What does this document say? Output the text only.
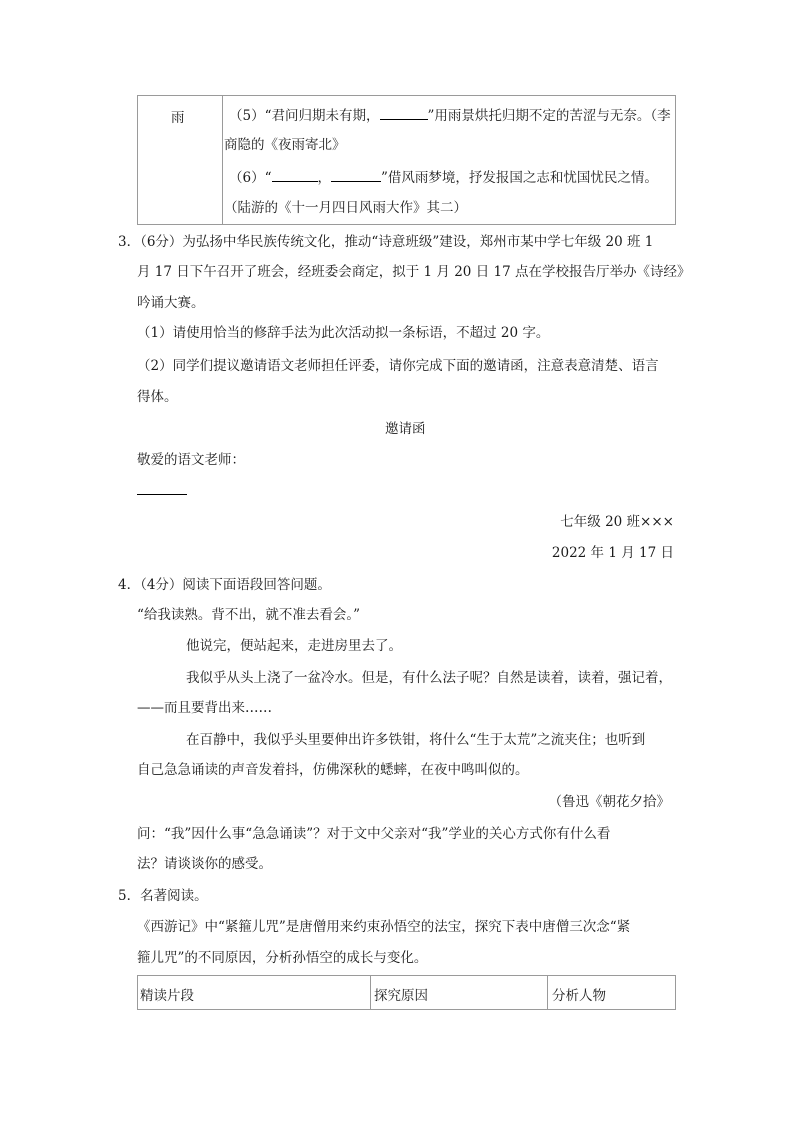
雨	（5）“君问归期未有期，	”用雨景烘托归期不定的苦涩与无奈。（李
商隐的《夜雨寄北》
（6）“	，	”借风雨梦境，抒发报国之志和忧国忧民之情。
（陆游的《十一月四日风雨大作》其二）
3．（6分）为弘扬中华民族传统文化，推动“诗意班级”建设，郑州市某中学七年级 20 班 1
月 17 日下午召开了班会，经班委会商定，拟于 1 月 20 日 17 点在学校报告厅举办《诗经》
吟诵大赛。
（1）请使用恰当的修辞手法为此次活动拟一条标语，不超过 20 字。
（2）同学们提议邀请语文老师担任评委，请你完成下面的邀请函，注意表意清楚、语言
得体。
邀请函
敬爱的语文老师：
七年级 20 班×××
2022 年 1 月 17 日
4．（4分）阅读下面语段回答问题。
“给我读熟。背不出，就不准去看会。”
他说完，便站起来，走进房里去了。
我似乎从头上浇了一盆冷水。但是，有什么法子呢？自然是读着，读着，强记着，
——而且要背出来……
在百静中，我似乎头里要伸出许多铁钳，将什么“生于太荒”之流夹住；也听到
自己急急诵读的声音发着抖，仿佛深秋的蟋蟀，在夜中鸣叫似的。
（鲁迅《朝花夕拾》
问：“我”因什么事“急急诵读”？对于文中父亲对“我”学业的关心方式你有什么看
法？请谈谈你的感受。
5．名著阅读。
《西游记》中“紧箍儿咒”是唐僧用来约束孙悟空的法宝，探究下表中唐僧三次念“紧
箍儿咒”的不同原因，分析孙悟空的成长与变化。
精读片段	探究原因	分析人物
